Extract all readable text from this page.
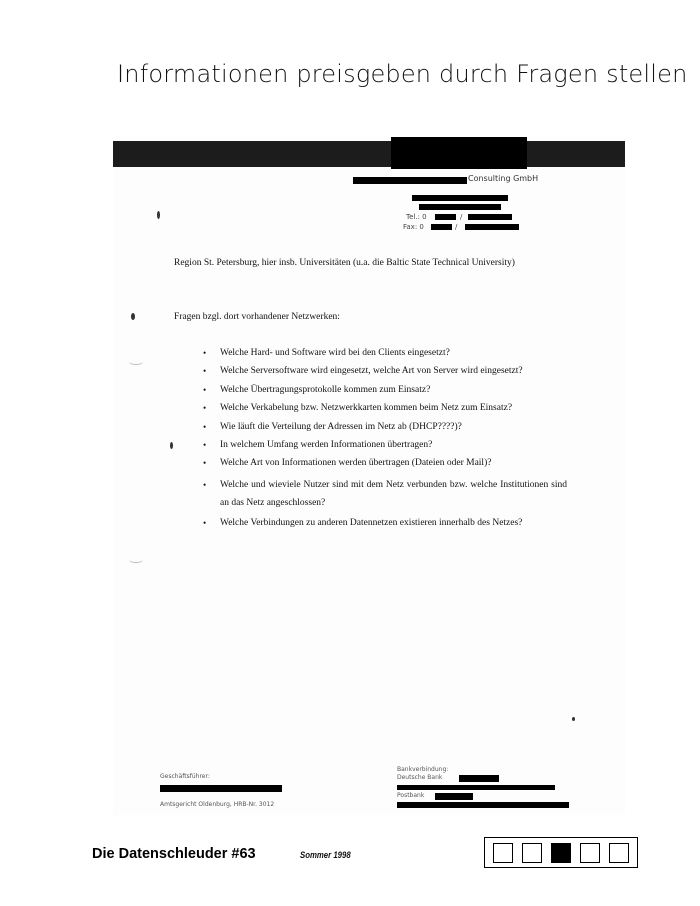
Informationen preisgeben durch Fragen stellen
Consulting GmbH
Tel.: 0	/
Fax: 0	/
Region St. Petersburg, hier insb. Universitäten (u.a. die Baltic State Technical University)
Fragen bzgl. dort vorhandener Netzwerken:
• Welche Hard- und Software wird bei den Clients eingesetzt?
• Welche Serversoftware wird eingesetzt, welche Art von Server wird eingesetzt?
• Welche Übertragungsprotokolle kommen zum Einsatz?
• Welche Verkabelung bzw. Netzwerkkarten kommen beim Netz zum Einsatz?
• Wie läuft die Verteilung der Adressen im Netz ab (DHCP????)?
• In welchem Umfang werden Informationen übertragen?
• Welche Art von Informationen werden übertragen (Dateien oder Mail)?
• Welche und wieviele Nutzer sind mit dem Netz verbunden bzw. welche Institutionen sind an das Netz angeschlossen?
• Welche Verbindungen zu anderen Datennetzen existieren innerhalb des Netzes?
Geschäftsführer:
Amtsgericht Oldenburg, HRB-Nr. 3012
Bankverbindung:
Deutsche Bank
Postbank
Die Datenschleuder #63	Sommer 1998
